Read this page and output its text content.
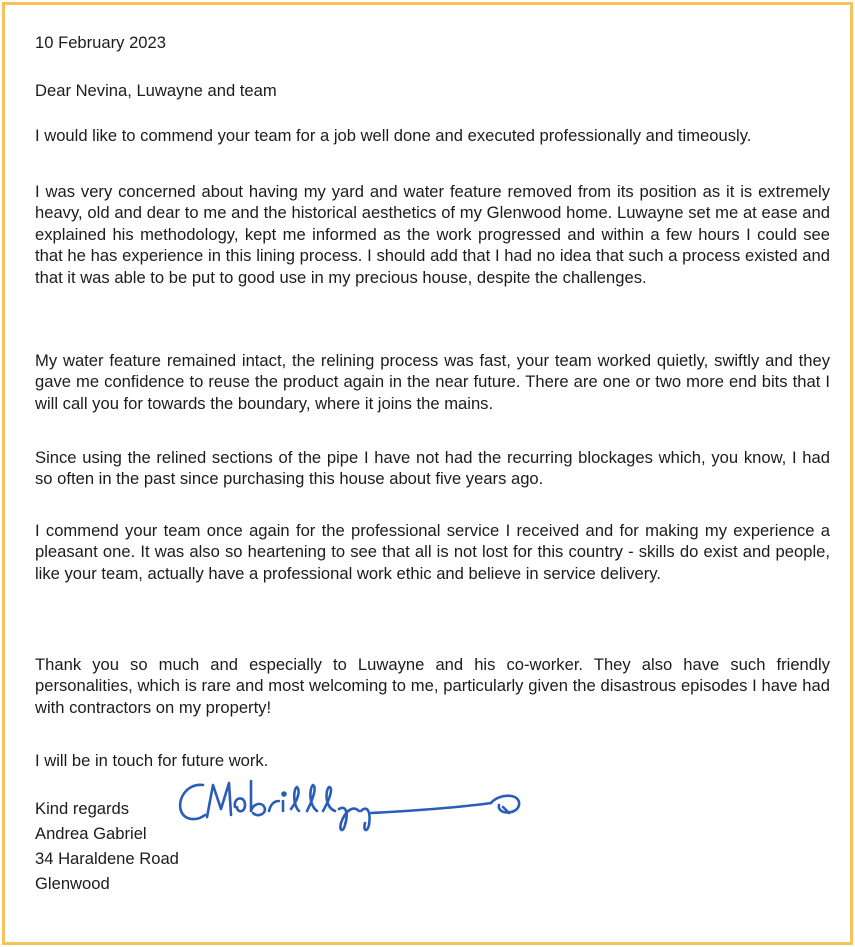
10 February 2023

Dear Nevina, Luwayne and team

I would like to commend your team for a job well done and executed professionally and timeously.

I was very concerned about having my yard and water feature removed from its position as it is extremely heavy, old and dear to me and the historical aesthetics of my Glenwood home. Luwayne set me at ease and explained his methodology, kept me informed as the work progressed and within a few hours I could see that he has experience in this lining process. I should add that I had no idea that such a process existed and that it was able to be put to good use in my precious house, despite the challenges.

My water feature remained intact, the relining process was fast, your team worked quietly, swiftly and they gave me confidence to reuse the product again in the near future. There are one or two more end bits that I will call you for towards the boundary, where it joins the mains.

Since using the relined sections of the pipe I have not had the recurring blockages which, you know, I had so often in the past since purchasing this house about five years ago.

I commend your team once again for the professional service I received and for making my experience a pleasant one. It was also so heartening to see that all is not lost for this country - skills do exist and people, like your team, actually have a professional work ethic and believe in service delivery.

Thank you so much and especially to Luwayne and his co-worker. They also have such friendly personalities, which is rare and most welcoming to me, particularly given the disastrous episodes I have had with contractors on my property!

I will be in touch for future work.

Kind regards

Andrea Gabriel

34 Haraldene Road

Glenwood
